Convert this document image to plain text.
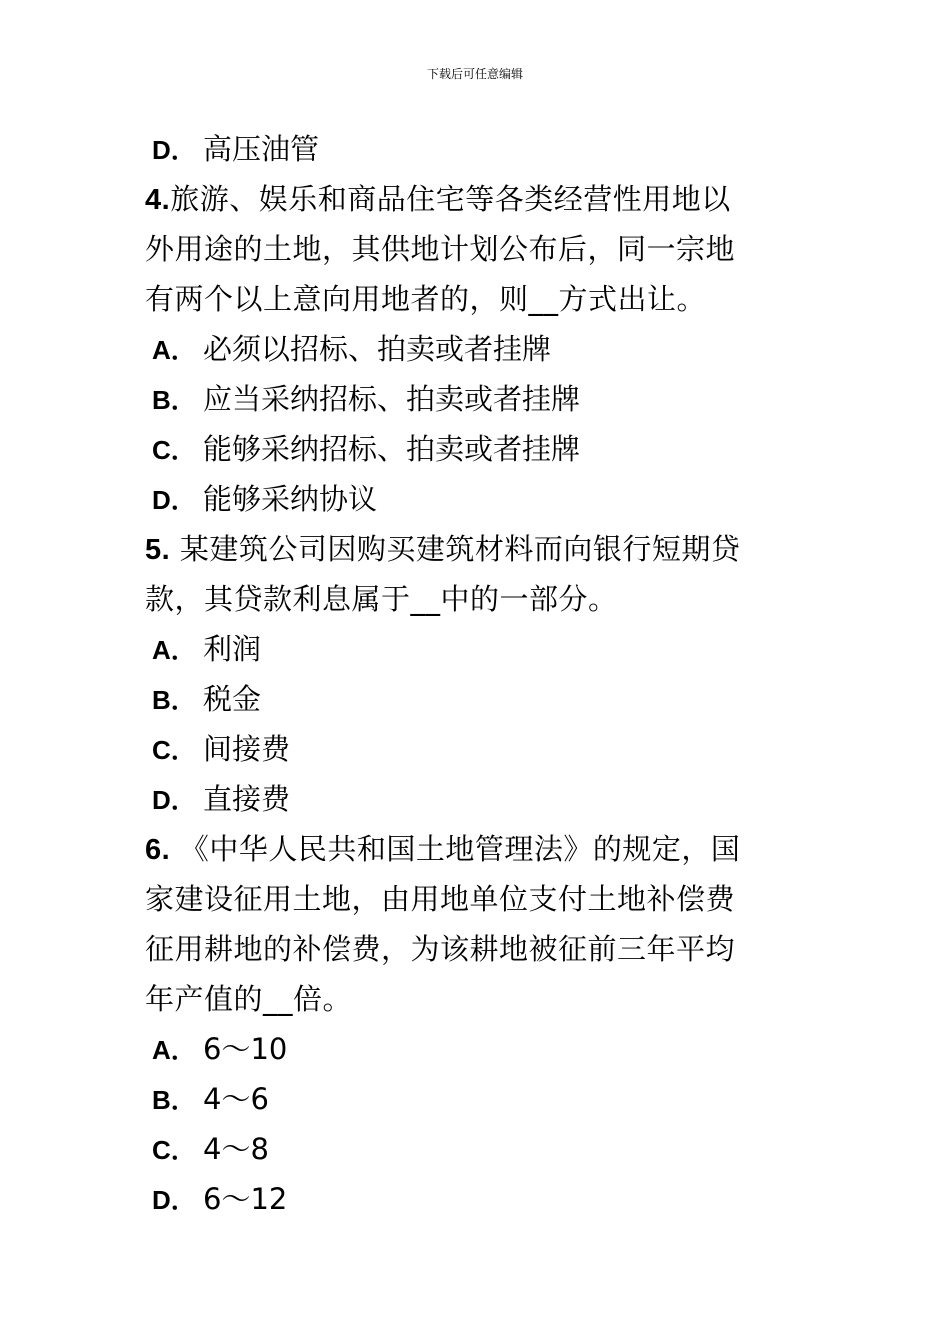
下载后可任意编辑
D． 高压油管
4.旅游、娱乐和商品住宅等各类经营性用地以
外用途的土地，其供地计划公布后，同一宗地
有两个以上意向用地者的，则__方式出让。
A． 必须以招标、拍卖或者挂牌
B． 应当采纳招标、拍卖或者挂牌
C． 能够采纳招标、拍卖或者挂牌
D． 能够采纳协议
5. 某建筑公司因购买建筑材料而向银行短期贷
款，其贷款利息属于__中的一部分。
A． 利润
B． 税金
C． 间接费
D． 直接费
6. 《中华人民共和国土地管理法》的规定，国
家建设征用土地，由用地单位支付土地补偿费
征用耕地的补偿费，为该耕地被征前三年平均
年产值的__倍。
A． 6～10
B． 4～6
C． 4～8
D． 6～12
